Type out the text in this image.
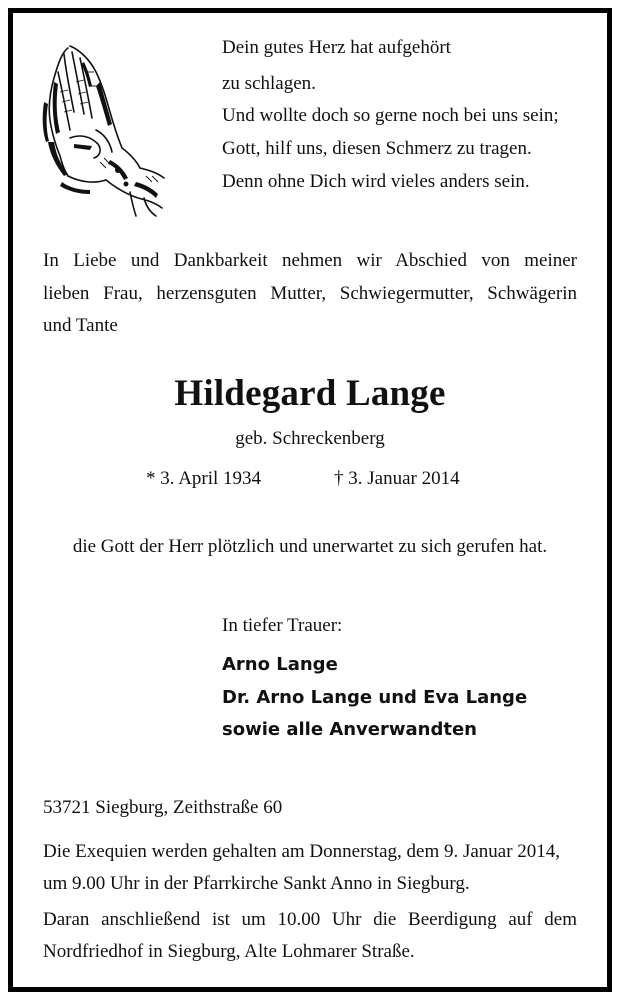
Dein gutes Herz hat aufgehört
zu schlagen.
Und wollte doch so gerne noch bei uns sein;
Gott, hilf uns, diesen Schmerz zu tragen.
Denn ohne Dich wird vieles anders sein.
In Liebe und Dankbarkeit nehmen wir Abschied von meiner
lieben Frau, herzensguten Mutter, Schwiegermutter, Schwägerin
und Tante
Hildegard Lange
geb. Schreckenberg
* 3. April 1934	† 3. Januar 2014
die Gott der Herr plötzlich und unerwartet zu sich gerufen hat.
In tiefer Trauer:
Arno Lange
Dr. Arno Lange und Eva Lange
sowie alle Anverwandten
53721 Siegburg, Zeithstraße 60
Die Exequien werden gehalten am Donnerstag, dem 9. Januar 2014,
um 9.00 Uhr in der Pfarrkirche Sankt Anno in Siegburg.
Daran anschließend ist um 10.00 Uhr die Beerdigung auf dem
Nordfriedhof in Siegburg, Alte Lohmarer Straße.
